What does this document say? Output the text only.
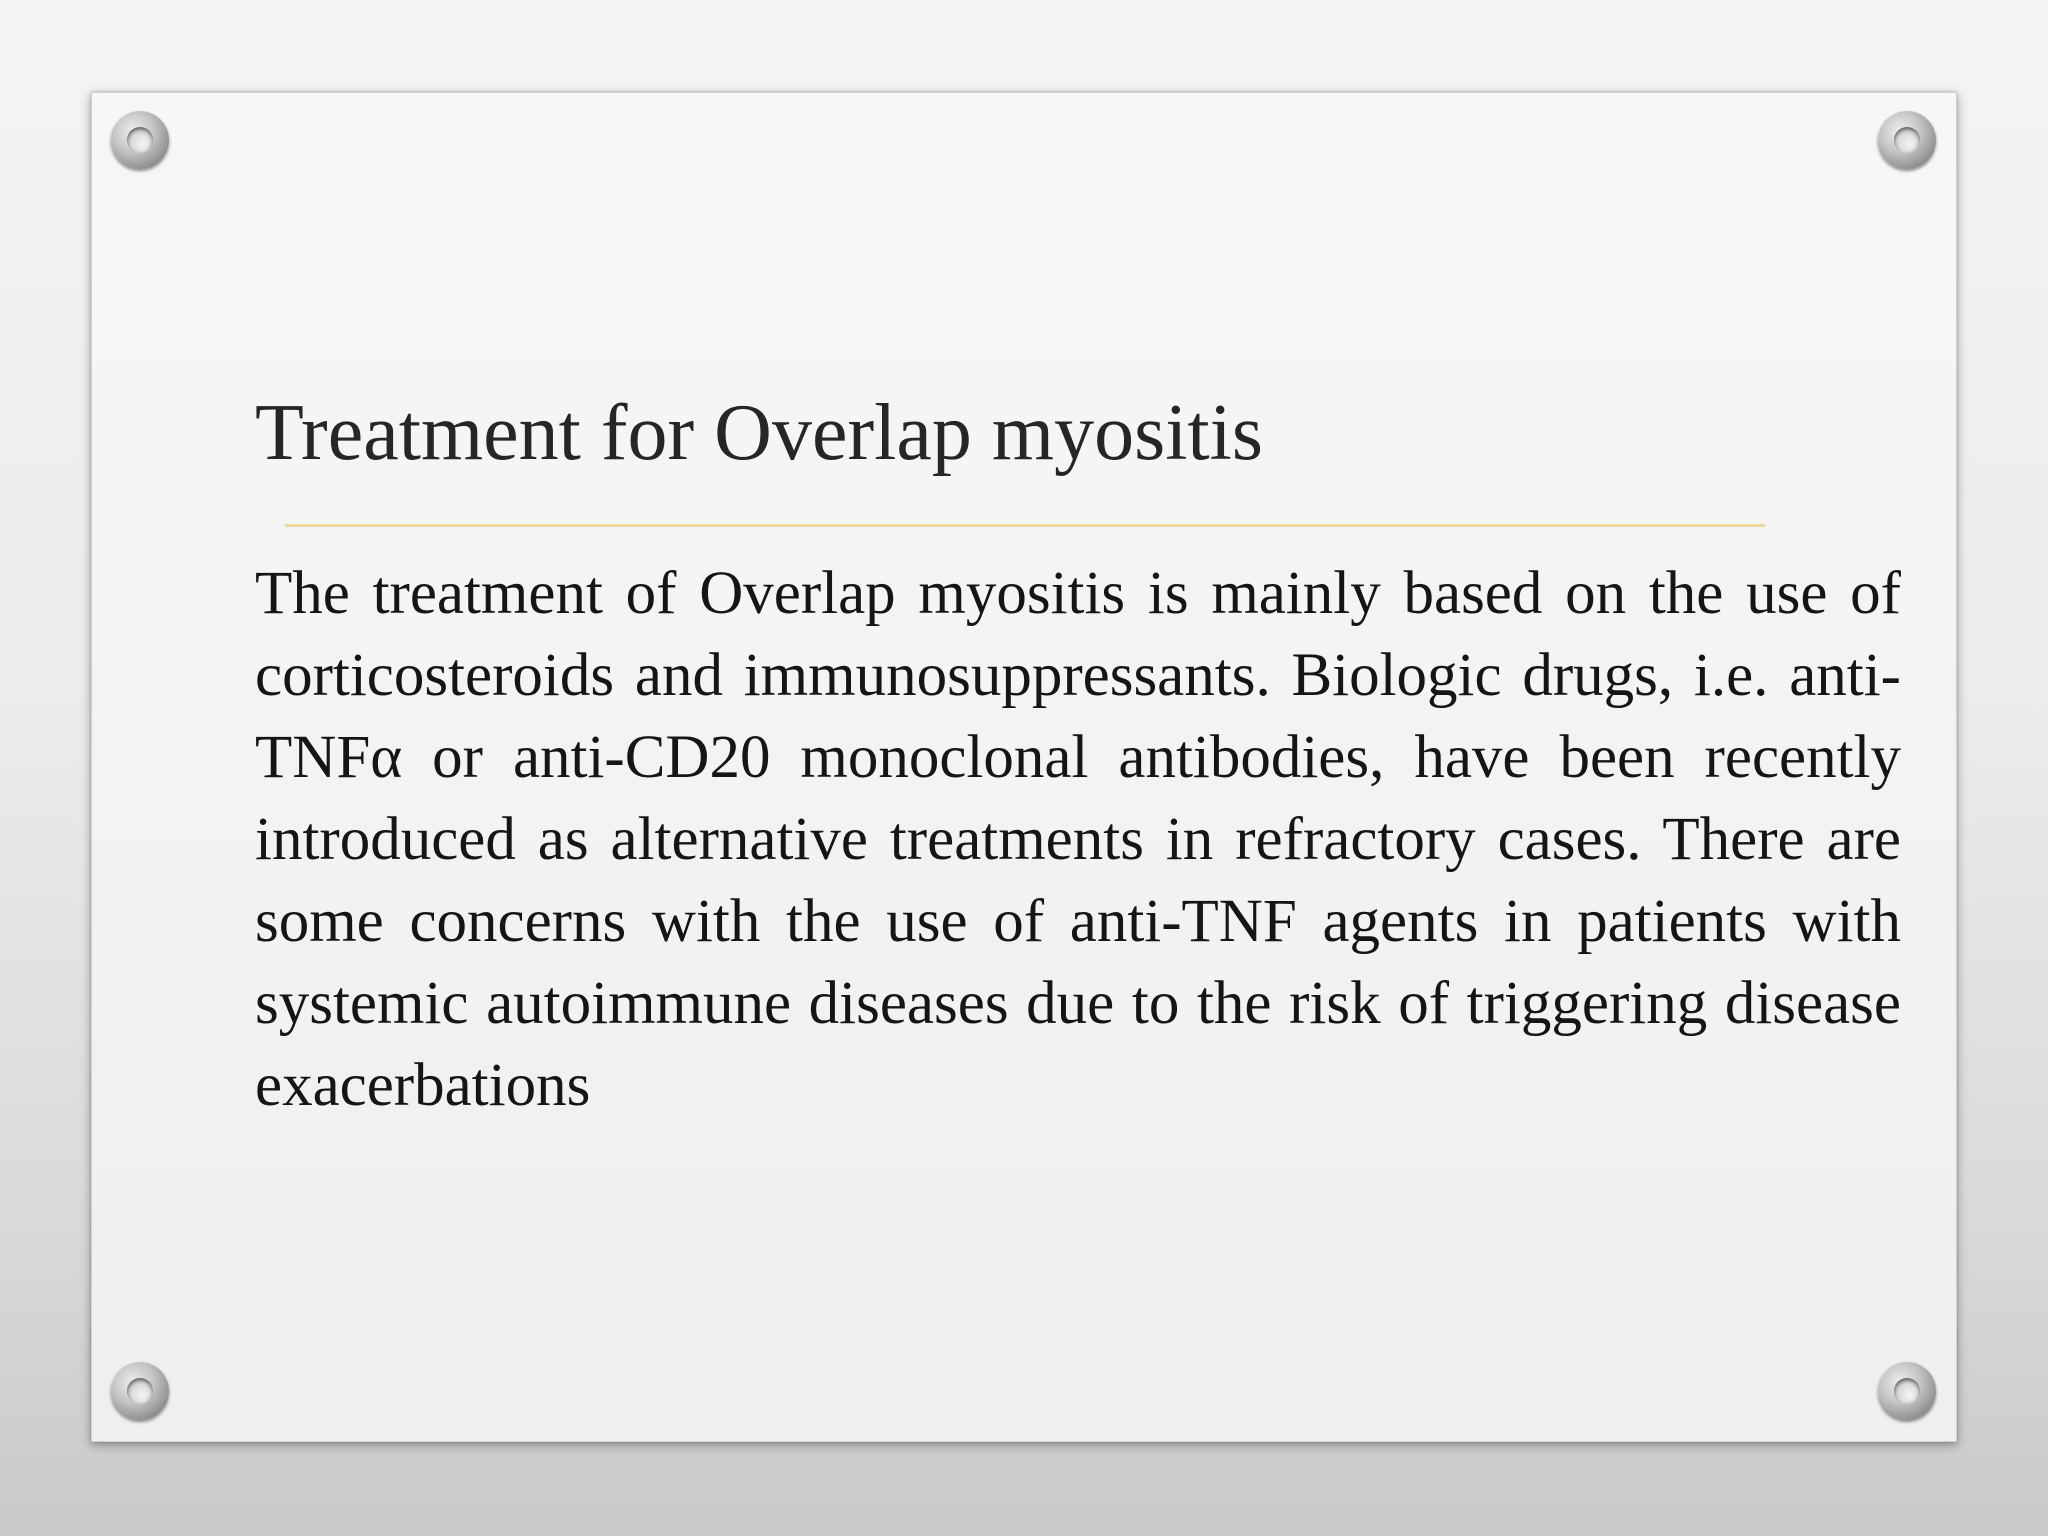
Treatment for Overlap myositis

The treatment of Overlap myositis is mainly based on the use of corticosteroids and immunosuppressants. Biologic drugs, i.e. anti-TNFα or anti-CD20 monoclonal antibodies, have been recently introduced as alternative treatments in refractory cases. There are some concerns with the use of anti-TNF agents in patients with systemic autoimmune diseases due to the risk of triggering disease exacerbations
